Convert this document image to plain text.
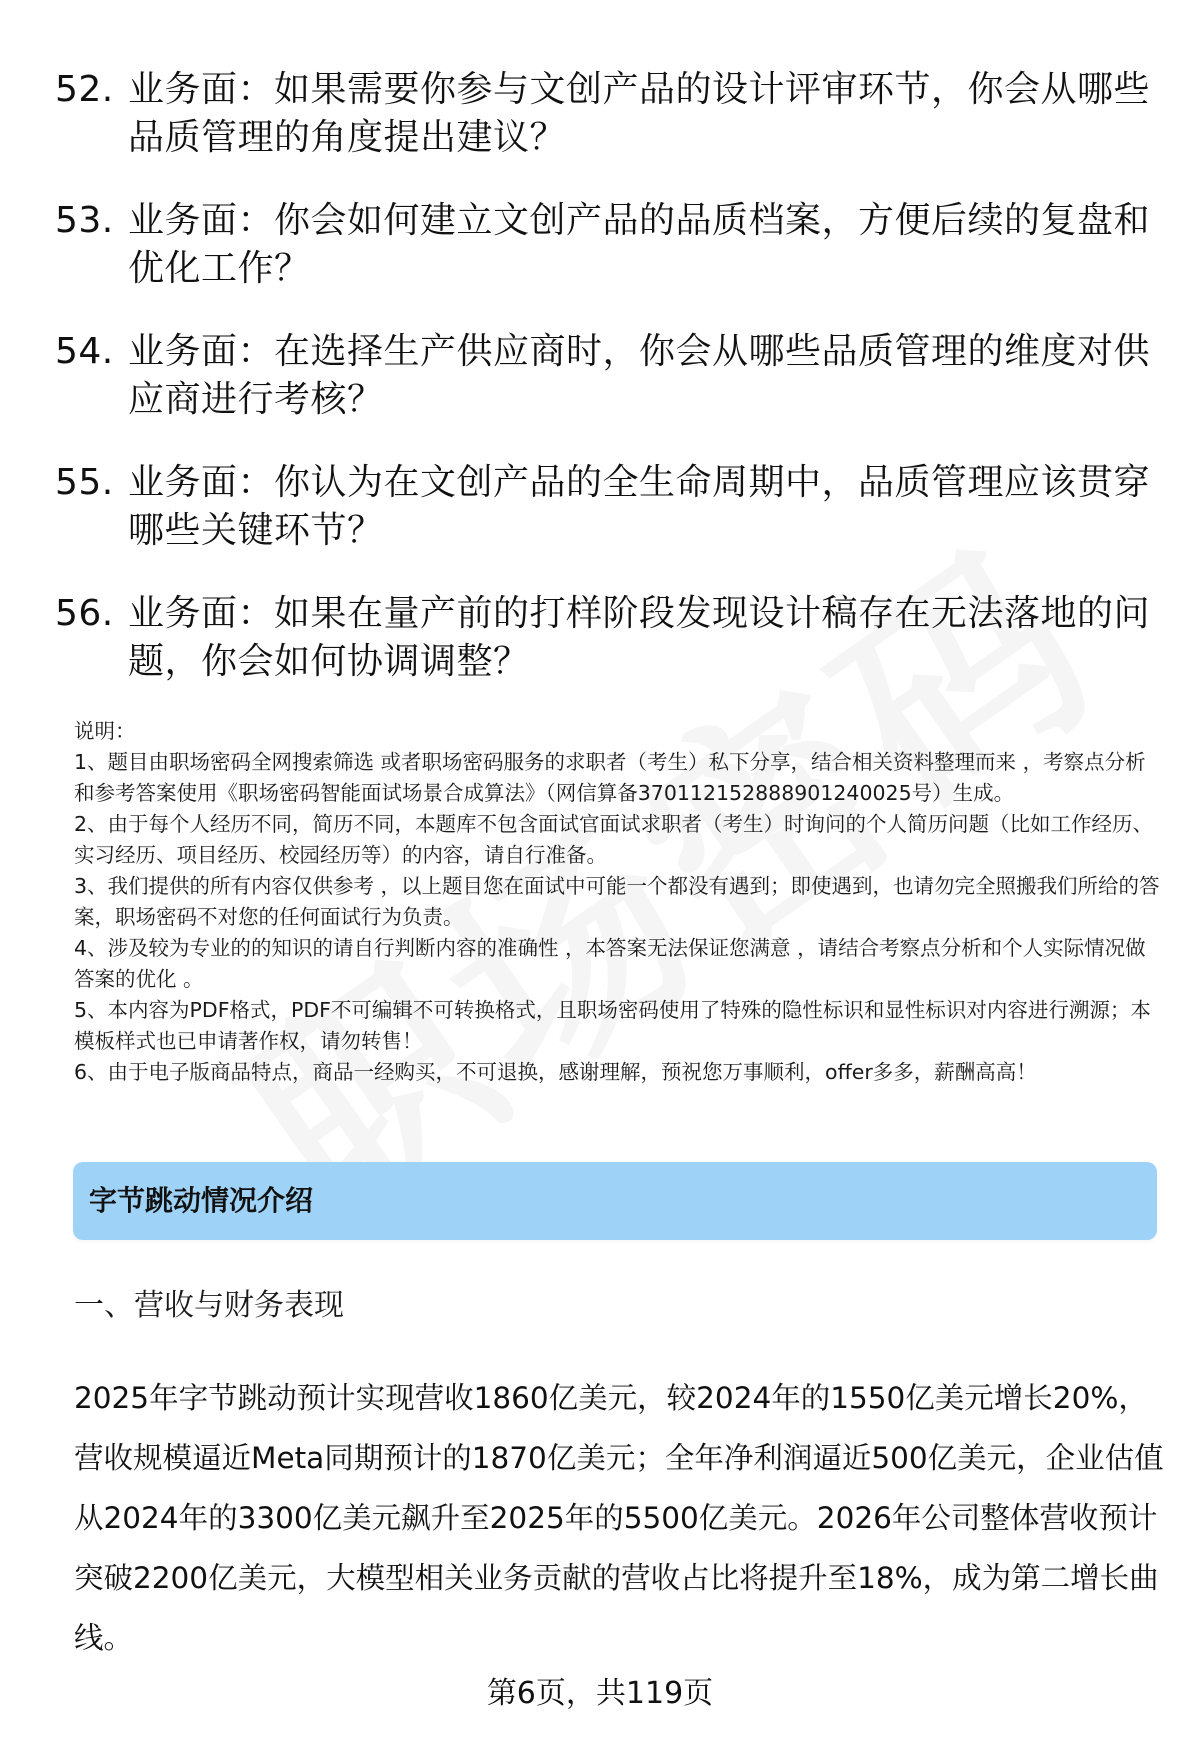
52. 业务面：如果需要你参与文创产品的设计评审环节，你会从哪些品质管理的角度提出建议？
53. 业务面：你会如何建立文创产品的品质档案，方便后续的复盘和优化工作？
54. 业务面：在选择生产供应商时，你会从哪些品质管理的维度对供应商进行考核？
55. 业务面：你认为在文创产品的全生命周期中，品质管理应该贯穿哪些关键环节？
56. 业务面：如果在量产前的打样阶段发现设计稿存在无法落地的问题，你会如何协调调整？
说明：
1、题目由职场密码全网搜索筛选 或者职场密码服务的求职者（考生）私下分享，结合相关资料整理而来 ，考察点分析和参考答案使用《职场密码智能面试场景合成算法》（网信算备370112152888901240025号）生成。
2、由于每个人经历不同，简历不同，本题库不包含面试官面试求职者（考生）时询问的个人简历问题（比如工作经历、实习经历、项目经历、校园经历等）的内容，请自行准备。
3、我们提供的所有内容仅供参考 ，以上题目您在面试中可能一个都没有遇到；即使遇到，也请勿完全照搬我们所给的答案，职场密码不对您的任何面试行为负责。
4、涉及较为专业的的知识的请自行判断内容的准确性 ，本答案无法保证您满意 ，请结合考察点分析和个人实际情况做答案的优化 。
5、本内容为PDF格式，PDF不可编辑不可转换格式，且职场密码使用了特殊的隐性标识和显性标识对内容进行溯源；本模板样式也已申请著作权，请勿转售！
6、由于电子版商品特点，商品一经购买，不可退换，感谢理解，预祝您万事顺利，offer多多，薪酬高高！
字节跳动情况介绍
一、营收与财务表现
2025年字节跳动预计实现营收1860亿美元，较2024年的1550亿美元增长20%，营收规模逼近Meta同期预计的1870亿美元；全年净利润逼近500亿美元，企业估值从2024年的3300亿美元飙升至2025年的5500亿美元。2026年公司整体营收预计突破2200亿美元，大模型相关业务贡献的营收占比将提升至18%，成为第二增长曲线。
第6页，共119页
